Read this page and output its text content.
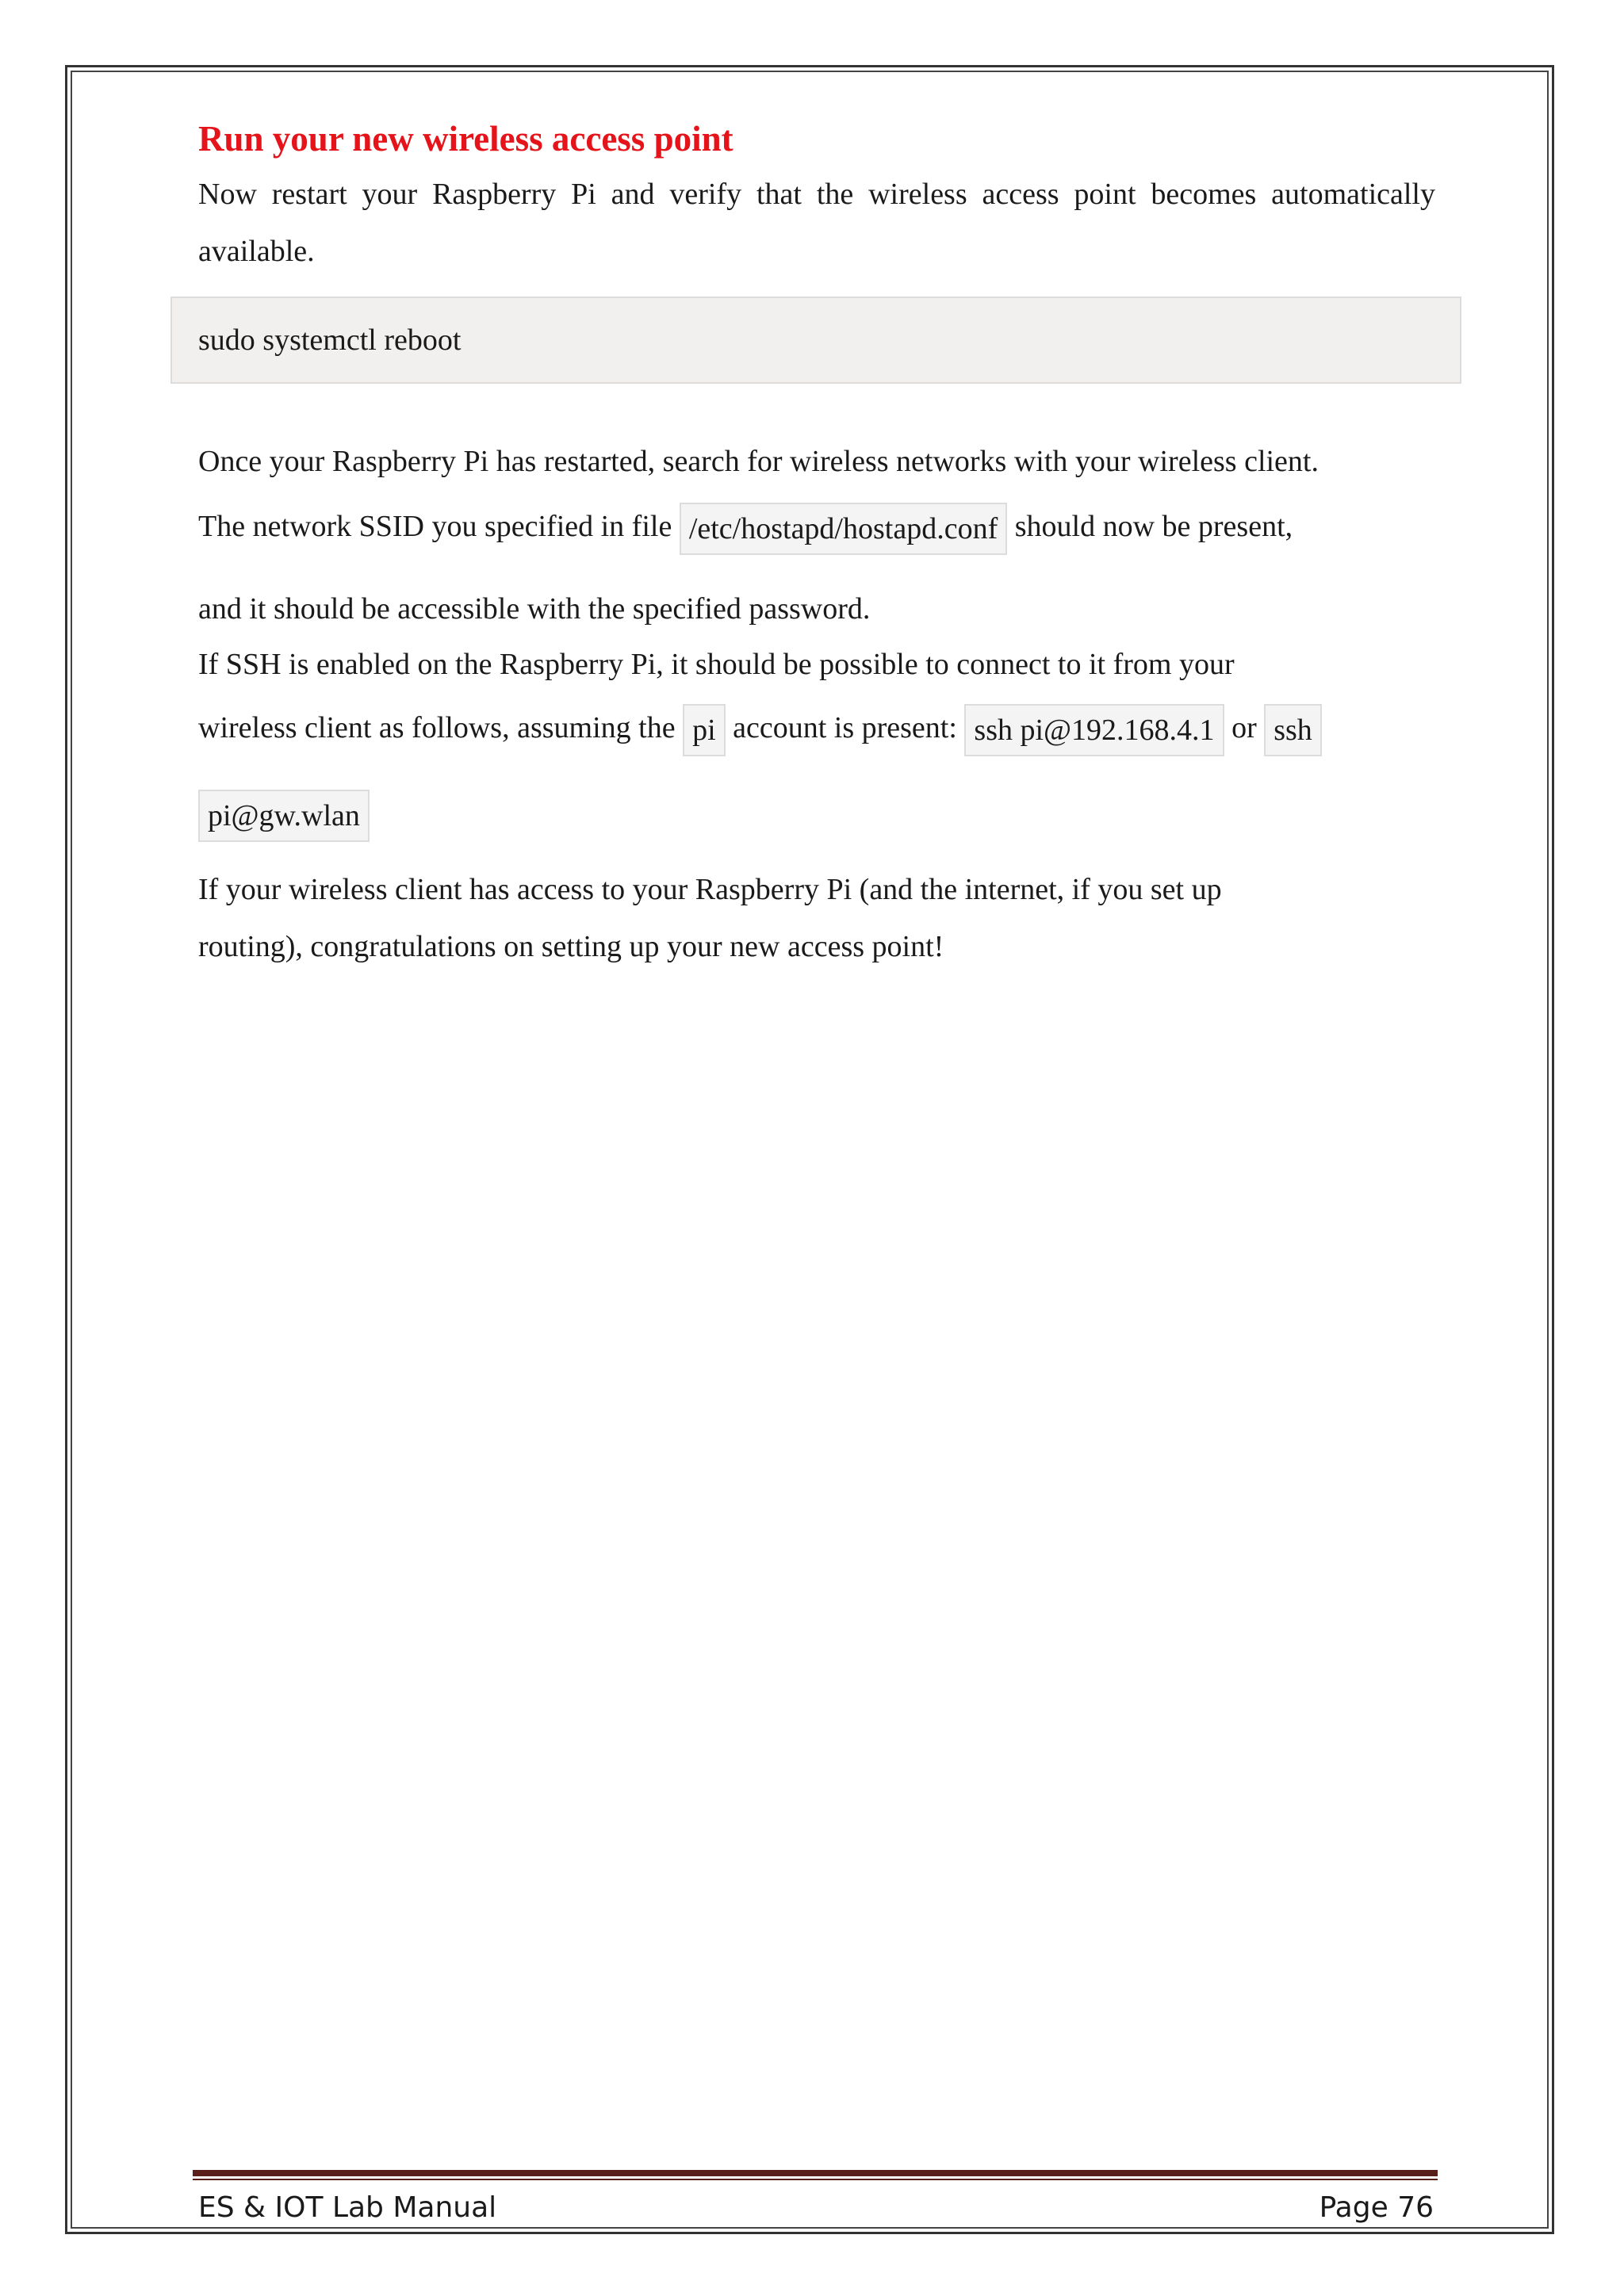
Run your new wireless access point

Now restart your Raspberry Pi and verify that the wireless access point becomes automatically available.

sudo systemctl reboot
Once your Raspberry Pi has restarted, search for wireless networks with your wireless client.
The network SSID you specified in file /etc/hostapd/hostapd.conf should now be present,
and it should be accessible with the specified password.
If SSH is enabled on the Raspberry Pi, it should be possible to connect to it from your
wireless client as follows, assuming the pi account is present: ssh pi@192.168.4.1 or ssh
pi@gw.wlan
If your wireless client has access to your Raspberry Pi (and the internet, if you set up
routing), congratulations on setting up your new access point!
ES & IOT Lab Manual	Page 76
